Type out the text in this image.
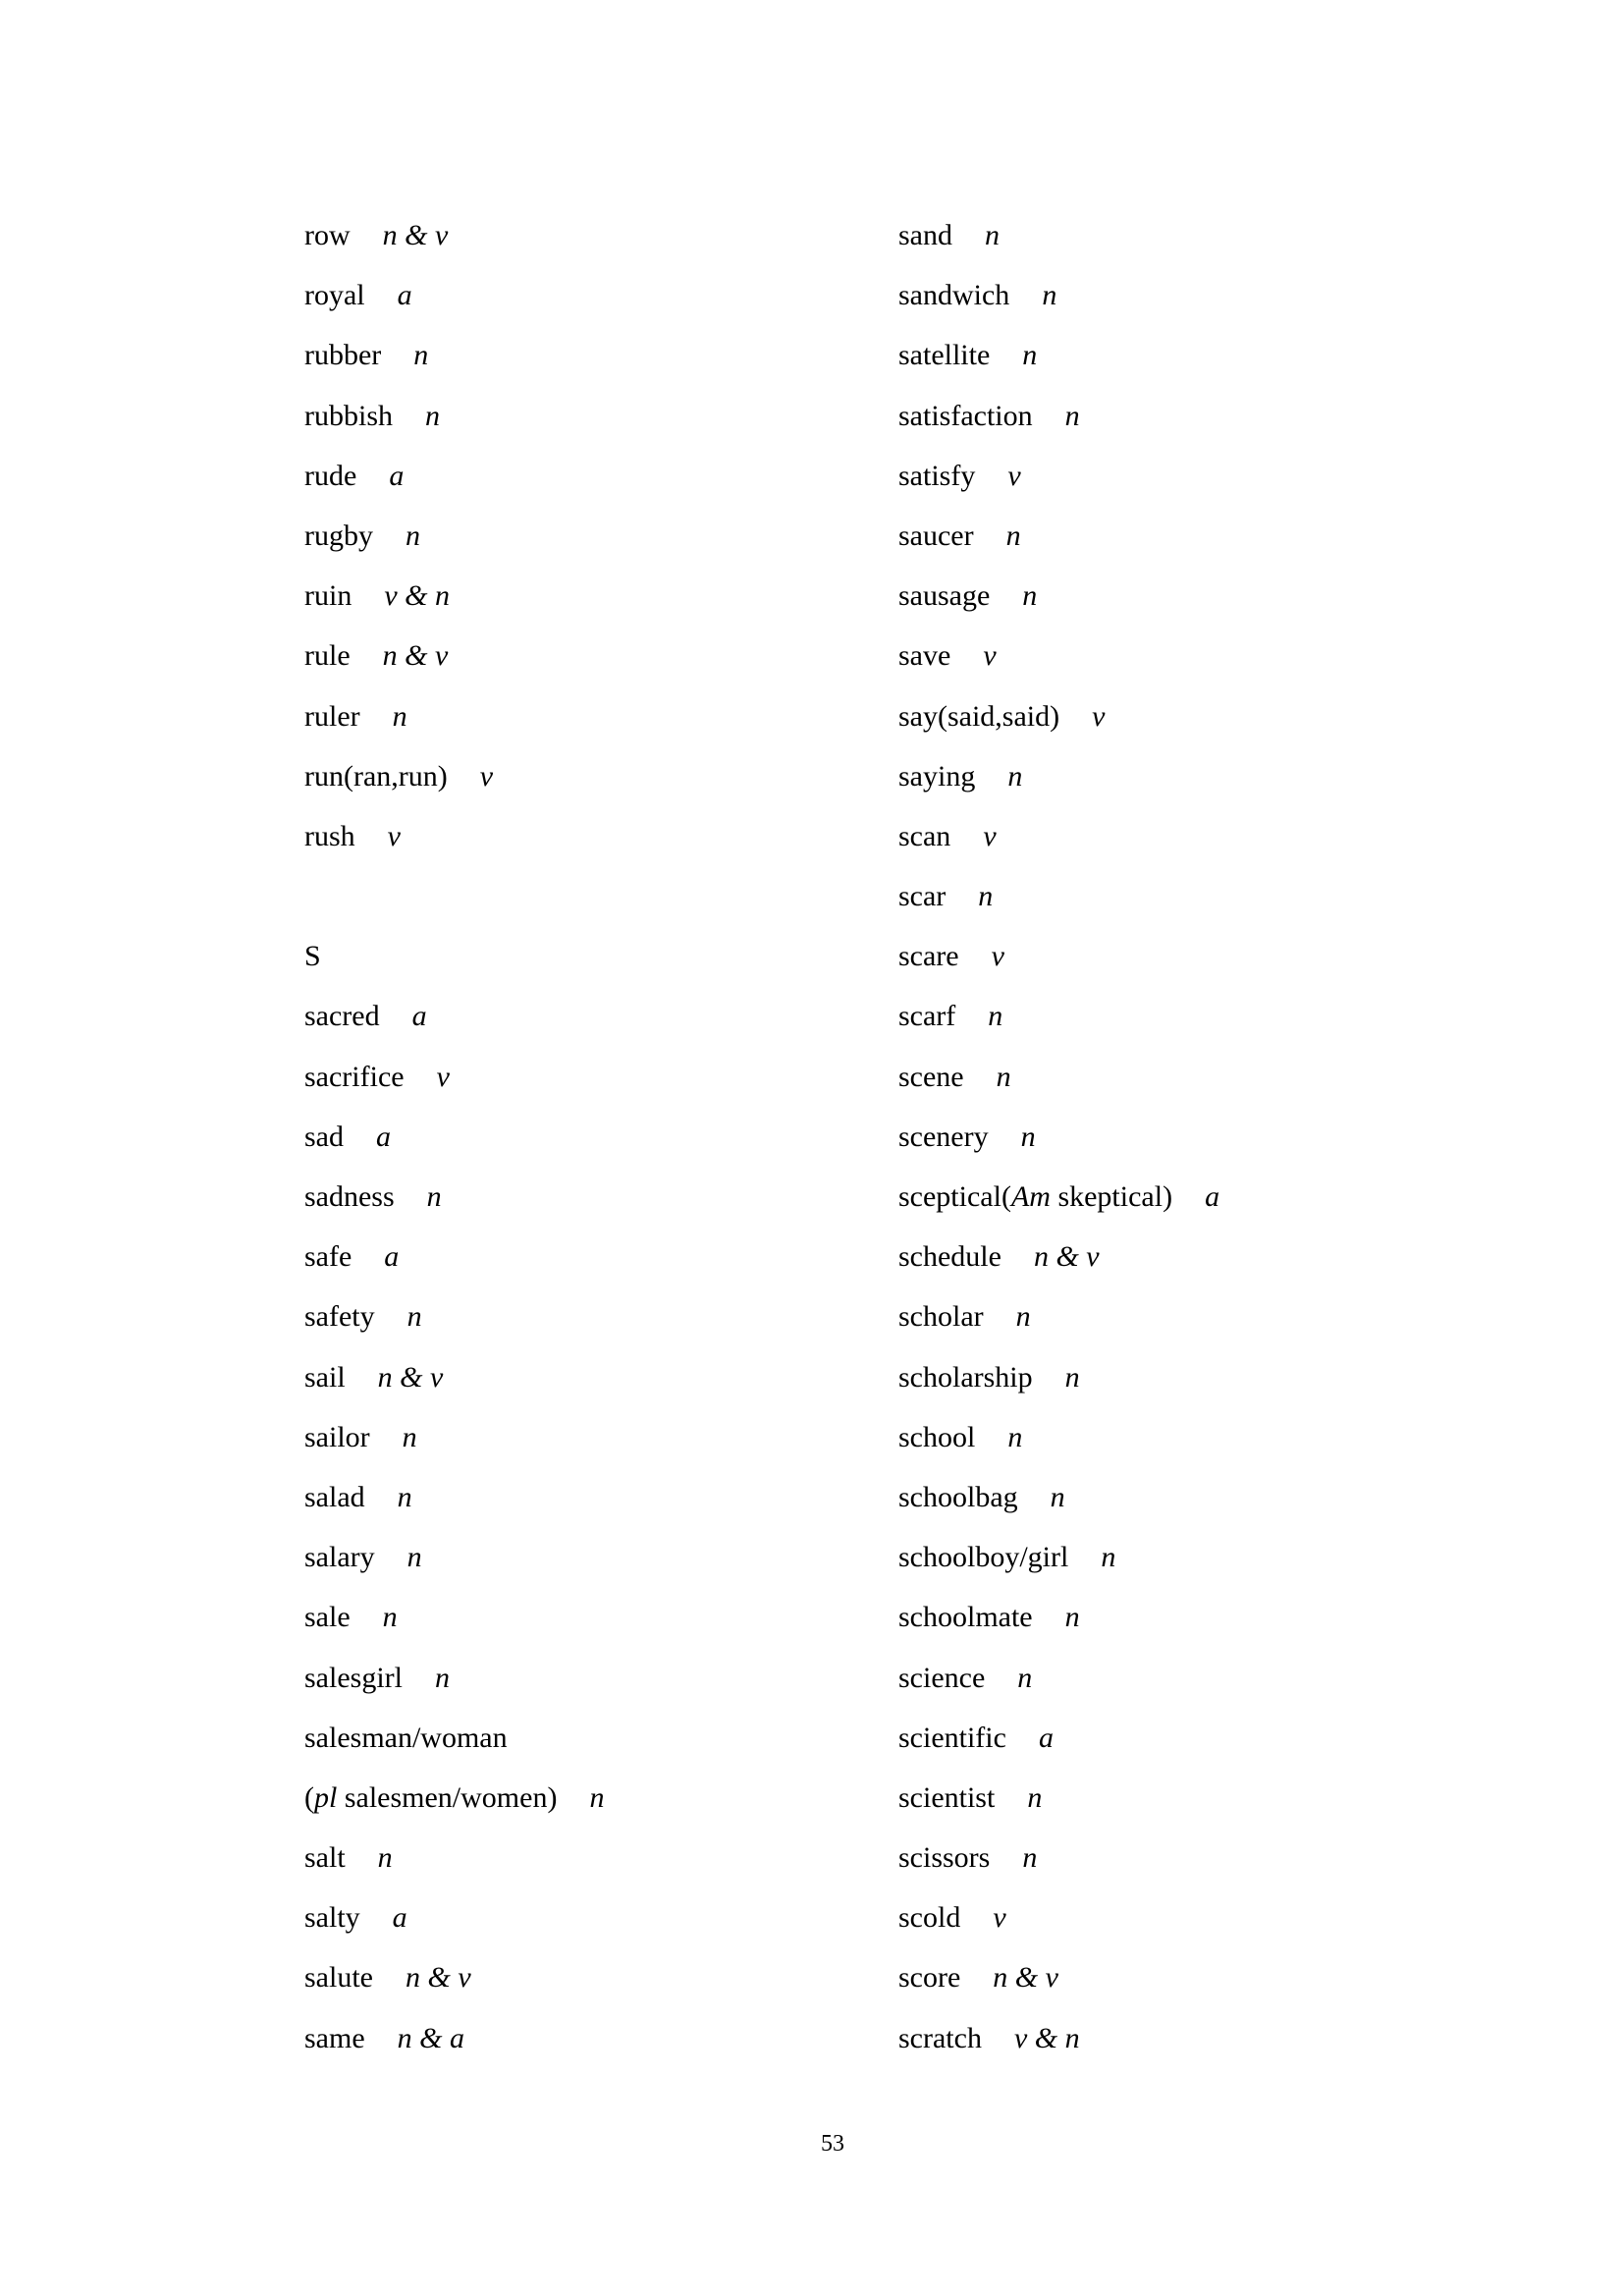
row n & v
royal a
rubber n
rubbish n
rude a
rugby n
ruin v & n
rule n & v
ruler n
run(ran,run) v
rush v
S
sacred a
sacrifice v
sad a
sadness n
safe a
safety n
sail n & v
sailor n
salad n
salary n
sale n
salesgirl n
salesman/woman
(pl salesmen/women) n
salt n
salty a
salute n & v
same n & a
sand n
sandwich n
satellite n
satisfaction n
satisfy v
saucer n
sausage n
save v
say(said,said) v
saying n
scan v
scar n
scare v
scarf n
scene n
scenery n
sceptical(Am skeptical) a
schedule n & v
scholar n
scholarship n
school n
schoolbag n
schoolboy/girl n
schoolmate n
science n
scientific a
scientist n
scissors n
scold v
score n & v
scratch v & n
53
